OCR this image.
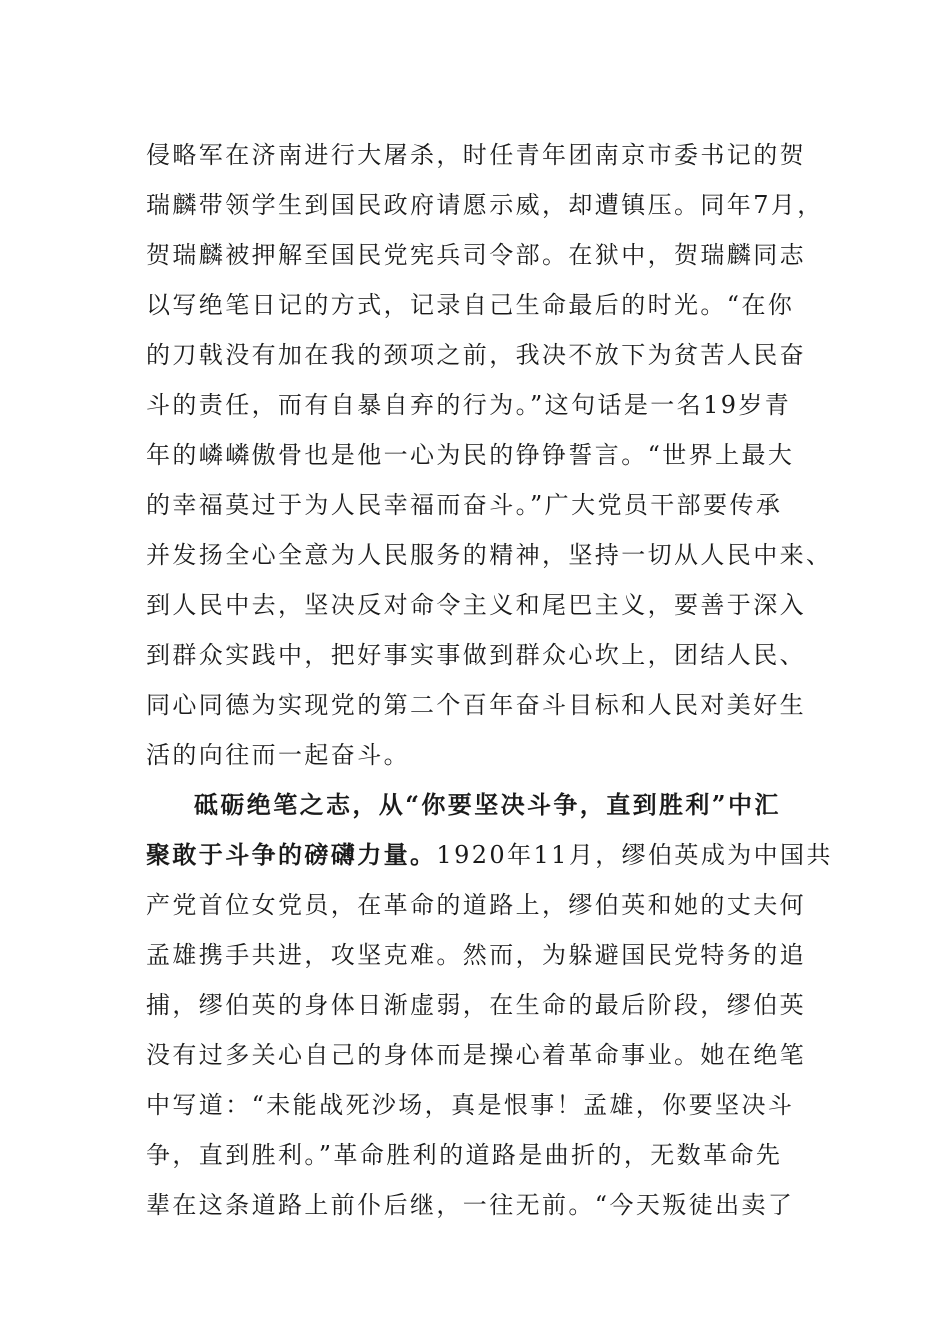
侵略军在济南进行大屠杀，时任青年团南京市委书记的贺
瑞麟带领学生到国民政府请愿示威，却遭镇压。同年7月，
贺瑞麟被押解至国民党宪兵司令部。在狱中，贺瑞麟同志
以写绝笔日记的方式，记录自己生命最后的时光。“在你
的刀戟没有加在我的颈项之前，我决不放下为贫苦人民奋
斗的责任，而有自暴自弃的行为。”这句话是一名19岁青
年的嶙嶙傲骨也是他一心为民的铮铮誓言。“世界上最大
的幸福莫过于为人民幸福而奋斗。”广大党员干部要传承
并发扬全心全意为人民服务的精神，坚持一切从人民中来、
到人民中去，坚决反对命令主义和尾巴主义，要善于深入
到群众实践中，把好事实事做到群众心坎上，团结人民、
同心同德为实现党的第二个百年奋斗目标和人民对美好生
活的向往而一起奋斗。
砥砺绝笔之志，从“你要坚决斗争，直到胜利”中汇
聚敢于斗争的磅礴力量。1920年11月，缪伯英成为中国共
产党首位女党员，在革命的道路上，缪伯英和她的丈夫何
孟雄携手共进，攻坚克难。然而，为躲避国民党特务的追
捕，缪伯英的身体日渐虚弱，在生命的最后阶段，缪伯英
没有过多关心自己的身体而是操心着革命事业。她在绝笔
中写道：“未能战死沙场，真是恨事！孟雄，你要坚决斗
争，直到胜利。”革命胜利的道路是曲折的，无数革命先
辈在这条道路上前仆后继，一往无前。“今天叛徒出卖了
